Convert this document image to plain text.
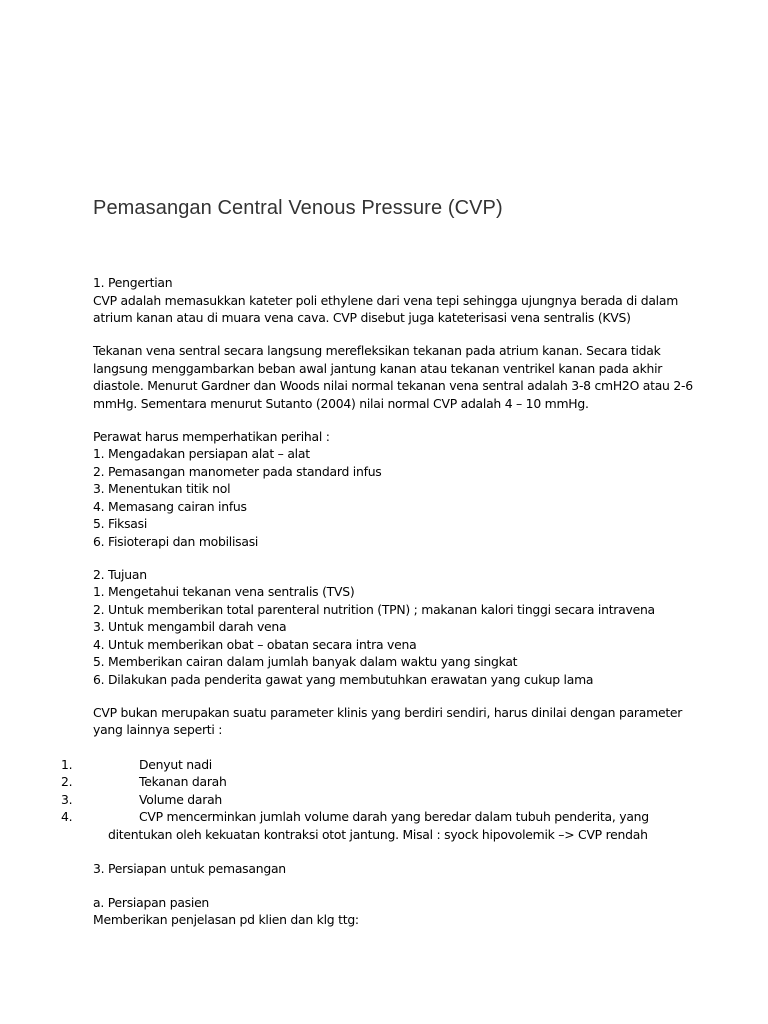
Pemasangan Central Venous Pressure (CVP)
1. Pengertian
CVP adalah memasukkan kateter poli ethylene dari vena tepi sehingga ujungnya berada di dalam
atrium kanan atau di muara vena cava. CVP disebut juga kateterisasi vena sentralis (KVS)
Tekanan vena sentral secara langsung merefleksikan tekanan pada atrium kanan. Secara tidak
langsung menggambarkan beban awal jantung kanan atau tekanan ventrikel kanan pada akhir
diastole. Menurut Gardner dan Woods nilai normal tekanan vena sentral adalah 3-8 cmH2O atau 2-6
mmHg. Sementara menurut Sutanto (2004) nilai normal CVP adalah 4 – 10 mmHg.
Perawat harus memperhatikan perihal :
1. Mengadakan persiapan alat – alat
2. Pemasangan manometer pada standard infus
3. Menentukan titik nol
4. Memasang cairan infus
5. Fiksasi
6. Fisioterapi dan mobilisasi
2. Tujuan
1. Mengetahui tekanan vena sentralis (TVS)
2. Untuk memberikan total parenteral nutrition (TPN) ; makanan kalori tinggi secara intravena
3. Untuk mengambil darah vena
4. Untuk memberikan obat – obatan secara intra vena
5. Memberikan cairan dalam jumlah banyak dalam waktu yang singkat
6. Dilakukan pada penderita gawat yang membutuhkan erawatan yang cukup lama
CVP bukan merupakan suatu parameter klinis yang berdiri sendiri, harus dinilai dengan parameter
yang lainnya seperti :
1.	Denyut nadi
2.	Tekanan darah
3.	Volume darah
4.	CVP mencerminkan jumlah volume darah yang beredar dalam tubuh penderita, yang
ditentukan oleh kekuatan kontraksi otot jantung. Misal : syock hipovolemik –> CVP rendah
3. Persiapan untuk pemasangan
a. Persiapan pasien
Memberikan penjelasan pd klien dan klg ttg:
